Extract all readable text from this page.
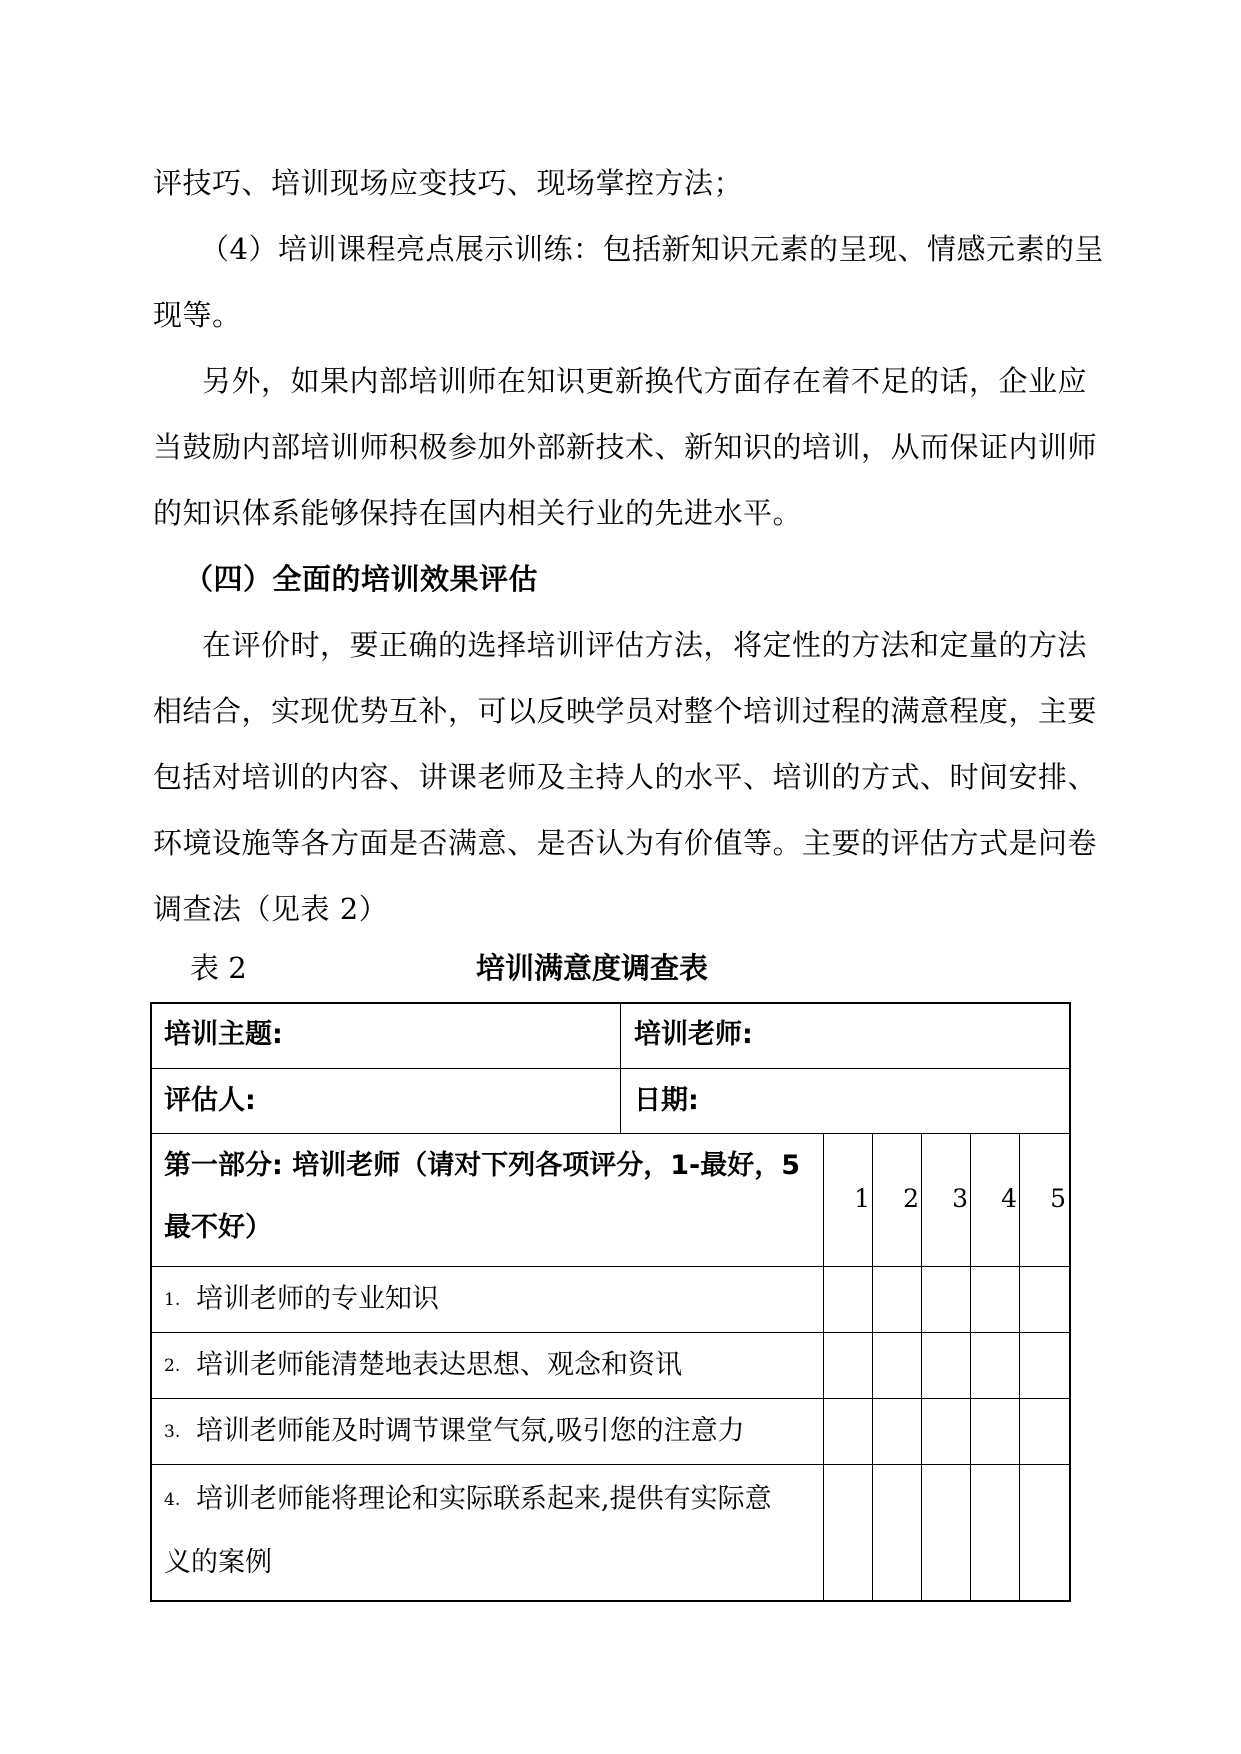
评技巧、培训现场应变技巧、现场掌控方法；
（4）培训课程亮点展示训练：包括新知识元素的呈现、情感元素的呈
现等。
另外，如果内部培训师在知识更新换代方面存在着不足的话，企业应
当鼓励内部培训师积极参加外部新技术、新知识的培训，从而保证内训师
的知识体系能够保持在国内相关行业的先进水平。
（四）全面的培训效果评估
在评价时，要正确的选择培训评估方法，将定性的方法和定量的方法
相结合，实现优势互补，可以反映学员对整个培训过程的满意程度，主要
包括对培训的内容、讲课老师及主持人的水平、培训的方式、时间安排、
环境设施等各方面是否满意、是否认为有价值等。主要的评估方式是问卷
调查法（见表 2）
表 2	培训满意度调查表
培训主题:	培训老师:
评估人:	日期:
第一部分: 培训老师（请对下列各项评分，1-最好，5
最不好）
1	2	3	4	5
1. 培训老师的专业知识
2. 培训老师能清楚地表达思想、观念和资讯
3. 培训老师能及时调节课堂气氛,吸引您的注意力
4. 培训老师能将理论和实际联系起来,提供有实际意
义的案例
